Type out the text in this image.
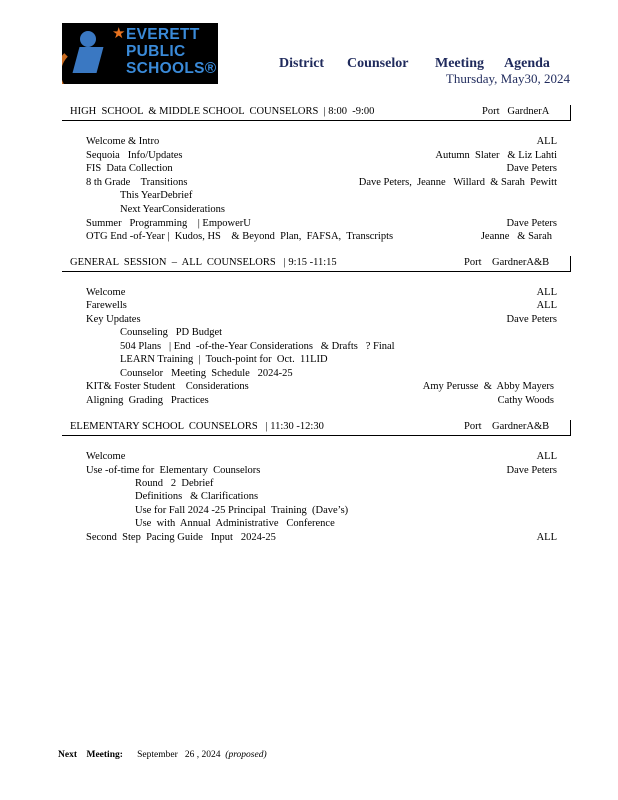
★ EVERETT
PUBLIC
SCHOOLS®	District Counselor Meeting Agenda
Thursday, May30, 2024
HIGH  SCHOOL  & MIDDLE SCHOOL  COUNSELORS  | 8:00  -9:00	Port   GardnerA
Welcome & Intro	ALL
Sequoia   Info/Updates	Autumn  Slater   & Liz Lahti
FIS  Data Collection	Dave Peters
8 th Grade    Transitions	Dave Peters,  Jeanne   Willard  & Sarah  Pewitt
This YearDebrief
Next YearConsiderations
Summer   Programming    | EmpowerU	Dave Peters
OTG End -of-Year |  Kudos, HS    & Beyond  Plan,  FAFSA,  Transcripts	Jeanne   & Sarah
GENERAL  SESSION  –  ALL  COUNSELORS   | 9:15 -11:15	Port    GardnerA&B
Welcome	ALL
Farewells	ALL
Key Updates	Dave Peters
Counseling   PD Budget
504 Plans   | End  -of-the-Year Considerations   & Drafts   ? Final
LEARN Training  |  Touch-point for  Oct.  11LID
Counselor   Meeting  Schedule   2024-25
KIT& Foster Student    Considerations	Amy Perusse  &  Abby Mayers
Aligning  Grading   Practices	Cathy Woods
ELEMENTARY SCHOOL  COUNSELORS   | 11:30 -12:30	Port    GardnerA&B
Welcome	ALL
Use -of-time for  Elementary  Counselors	Dave Peters
Round   2  Debrief
Definitions   & Clarifications
Use for Fall 2024 -25 Principal  Training  (Dave’s)
Use  with  Annual  Administrative   Conference
Second  Step  Pacing Guide   Input   2024-25	ALL
Next    Meeting: September   26 , 2024 (proposed)
